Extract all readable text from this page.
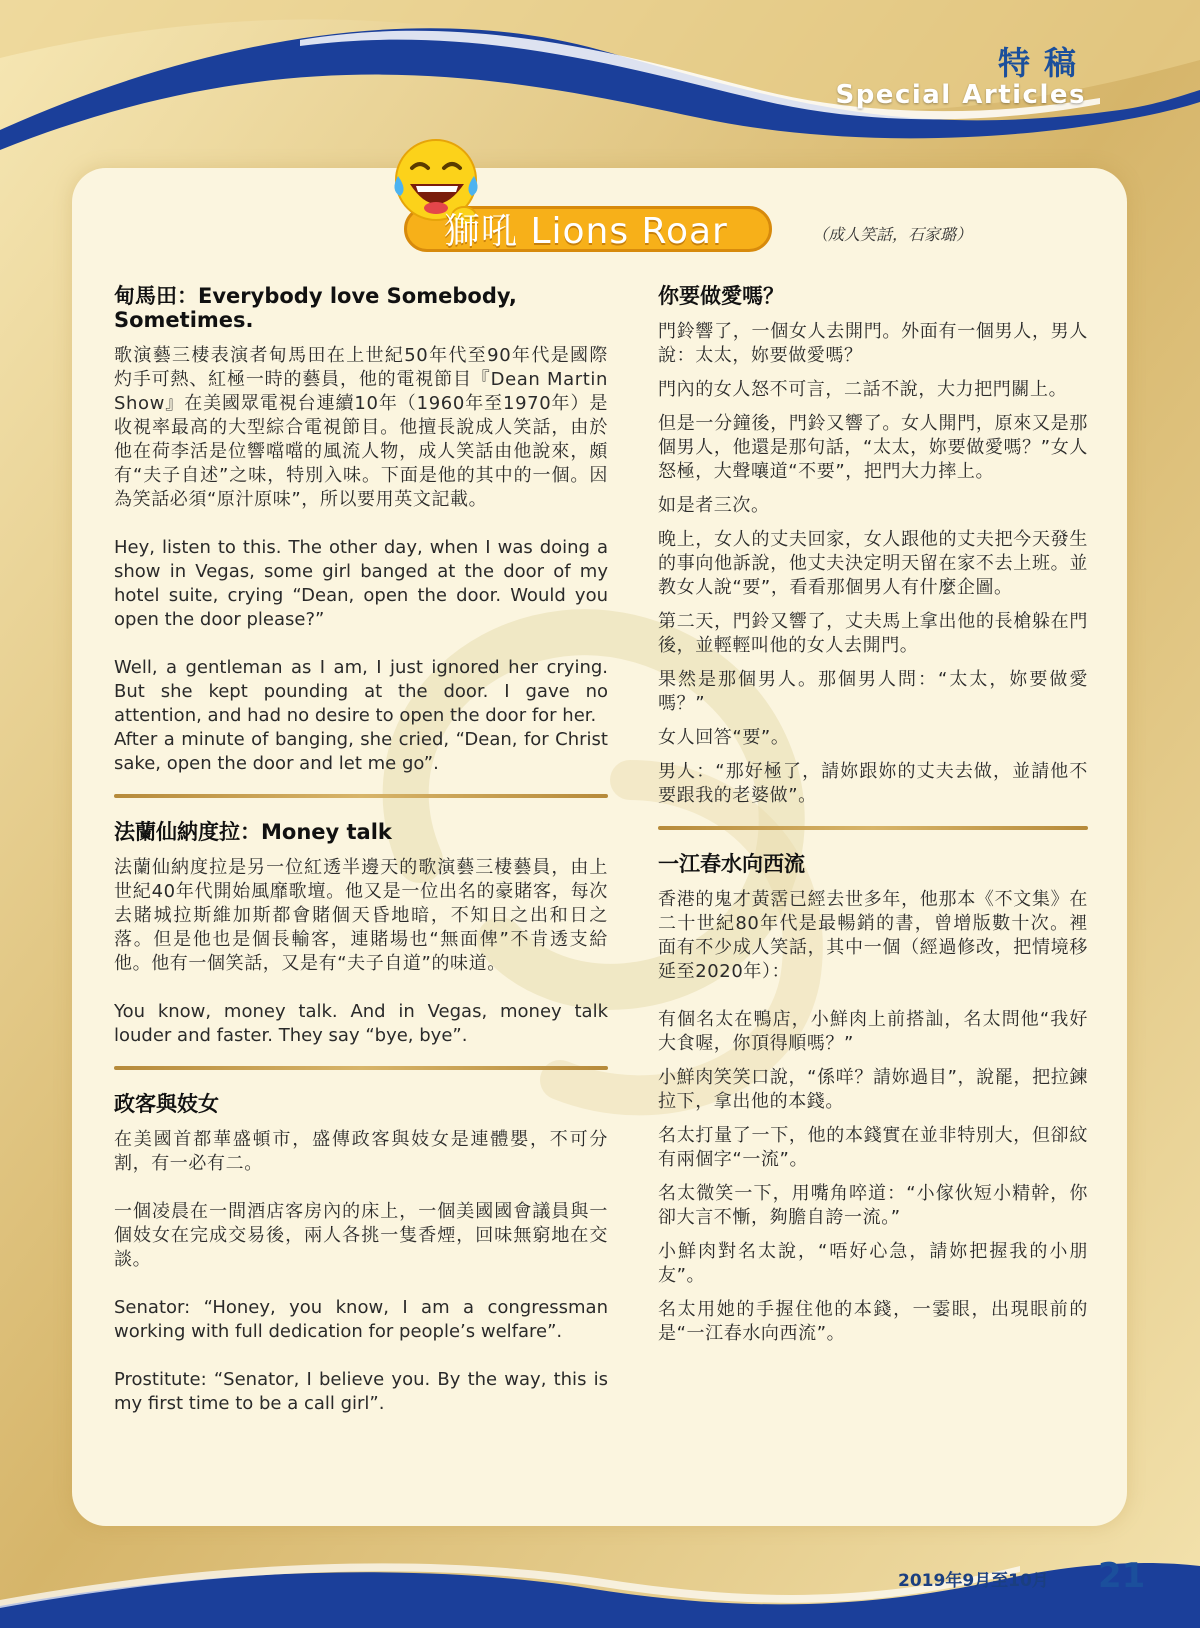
特稿
Special Articles
獅吼 Lions Roar	（成人笑話，石家璐）
甸馬田：Everybody love Somebody, Sometimes.
歌演藝三棲表演者甸馬田在上世紀50年代至90年代是國際灼手可熱、紅極一時的藝員，他的電視節目『Dean Martin Show』在美國眾電視台連續10年（1960年至1970年）是收視率最高的大型綜合電視節目。他擅長說成人笑話，由於他在荷李活是位響噹噹的風流人物，成人笑話由他說來，頗有“夫子自述”之味，特別入味。下面是他的其中的一個。因為笑話必須“原汁原味”，所以要用英文記載。
Hey, listen to this. The other day, when I was doing a show in Vegas, some girl banged at the door of my hotel suite, crying “Dean, open the door. Would you open the door please?”
Well, a gentleman as I am, I just ignored her crying. But she kept pounding at the door. I gave no attention, and had no desire to open the door for her.
After a minute of banging, she cried, “Dean, for Christ sake, open the door and let me go”.
法蘭仙納度拉：Money talk
法蘭仙納度拉是另一位紅透半邊天的歌演藝三棲藝員，由上世紀40年代開始風靡歌壇。他又是一位出名的豪賭客，每次去賭城拉斯維加斯都會賭個天昏地暗，不知日之出和日之落。但是他也是個長輸客，連賭場也“無面俾”不肯透支給他。他有一個笑話，又是有“夫子自道”的味道。
You know, money talk. And in Vegas, money talk louder and faster. They say “bye, bye”.
政客與妓女
在美國首都華盛頓市，盛傳政客與妓女是連體嬰，不可分割，有一必有二。
一個凌晨在一間酒店客房內的床上，一個美國國會議員與一個妓女在完成交易後，兩人各挑一隻香煙，回味無窮地在交談。
Senator: “Honey, you know, I am a congressman working with full dedication for people’s welfare”.
Prostitute: “Senator, I believe you. By the way, this is my first time to be a call girl”.
你要做愛嗎？
門鈴響了，一個女人去開門。外面有一個男人，男人說：太太，妳要做愛嗎？
門內的女人怒不可言，二話不說，大力把門關上。
但是一分鐘後，門鈴又響了。女人開門，原來又是那個男人，他還是那句話，“太太，妳要做愛嗎？”女人怒極，大聲嚷道“不要”，把門大力摔上。
如是者三次。
晚上，女人的丈夫回家，女人跟他的丈夫把今天發生的事向他訴說，他丈夫決定明天留在家不去上班。並教女人說“要”，看看那個男人有什麼企圖。
第二天，門鈴又響了，丈夫馬上拿出他的長槍躲在門後，並輕輕叫他的女人去開門。
果然是那個男人。那個男人問：“太太，妳要做愛嗎？”
女人回答“要”。
男人：“那好極了，請妳跟妳的丈夫去做，並請他不要跟我的老婆做”。
一江春水向西流
香港的鬼才黃霑已經去世多年，他那本《不文集》在二十世紀80年代是最暢銷的書，曾增版數十次。裡面有不少成人笑話，其中一個（經過修改，把情境移延至2020年）：
有個名太在鴨店，小鮮肉上前搭訕，名太問他“我好大食喔，你頂得順嗎？”
小鮮肉笑笑口說，“係咩？請妳過目”，說罷，把拉鍊拉下，拿出他的本錢。
名太打量了一下，他的本錢實在並非特別大，但卻紋有兩個字“一流”。
名太微笑一下，用嘴角啐道：“小傢伙短小精幹，你卻大言不慚，夠膽自誇一流。”
小鮮肉對名太說，“唔好心急，請妳把握我的小朋友”。
名太用她的手握住他的本錢，一霎眼，出現眼前的是“一江春水向西流”。
2019年9月至10月 21
